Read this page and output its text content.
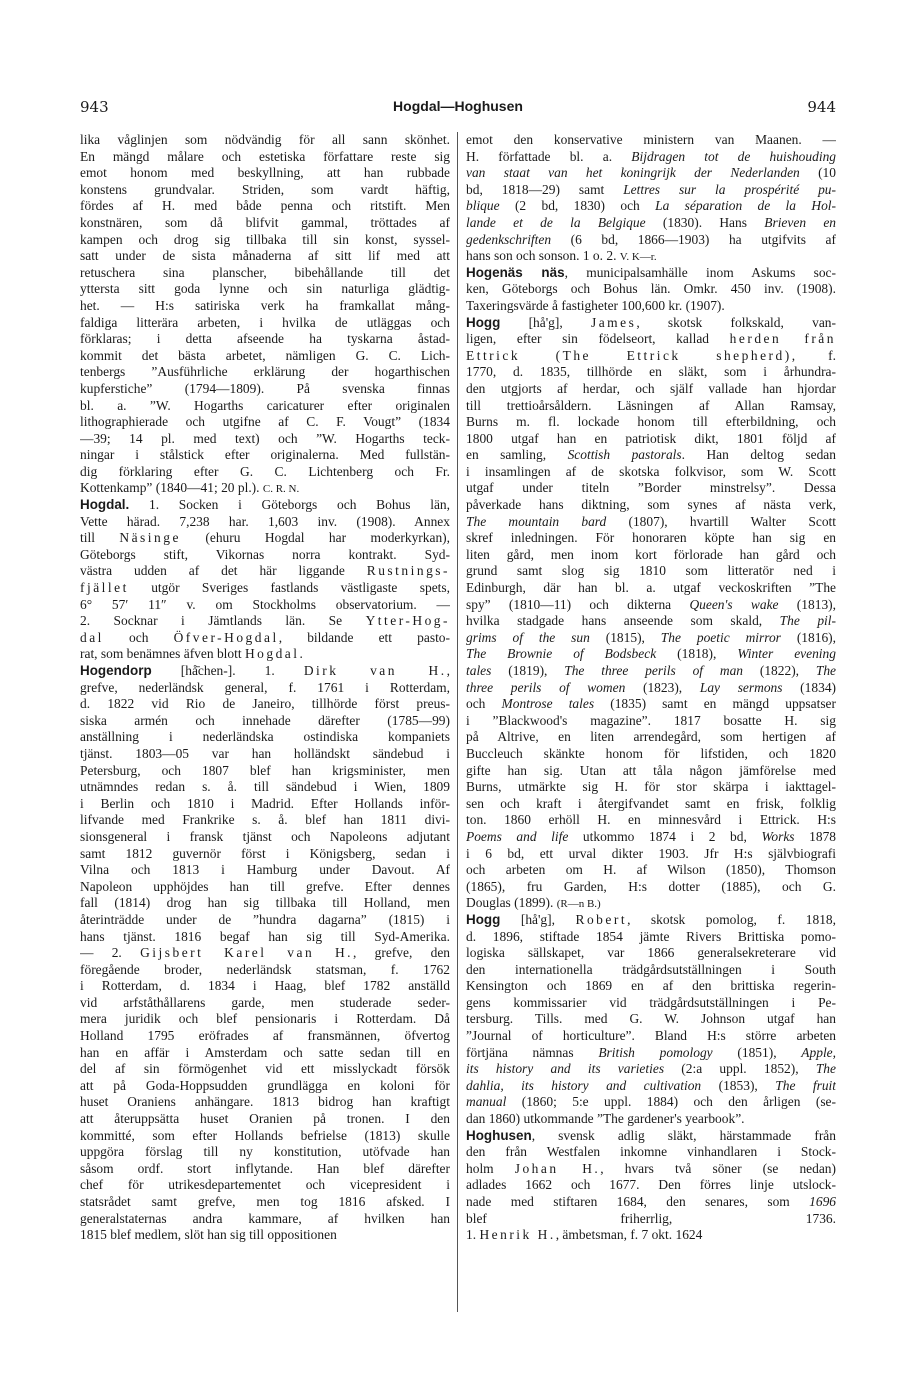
943	Hogdal—Hoghusen	944
lika våglinjen som nödvändig för all sann skönhet.
En mängd målare och estetiska författare reste sig
emot honom med beskyllning, att han rubbade
konstens grundvalar. Striden, som vardt häftig,
fördes af H. med både penna och ritstift. Men
konstnären, som då blifvit gammal, tröttades af
kampen och drog sig tillbaka till sin konst, syssel-
satt under de sista månaderna af sitt lif med att
retuschera sina planscher, bibehållande till det
yttersta sitt goda lynne och sin naturliga glädtig-
het. — H:s satiriska verk ha framkallat mång-
faldiga litterära arbeten, i hvilka de utläggas och
förklaras; i detta afseende ha tyskarna åstad-
kommit det bästa arbetet, nämligen G. C. Lich-
tenbergs ”Ausführliche erklärung der hogarthischen
kupferstiche” (1794—1809). På svenska finnas
bl. a. ”W. Hogarths caricaturer efter originalen
lithographierade och utgifne af C. F. Vougt” (1834
—39; 14 pl. med text) och ”W. Hogarths teck-
ningar i stålstick efter originalerna. Med fullstän-
dig förklaring efter G. C. Lichtenberg och Fr.
Kottenkamp” (1840—41; 20 pl.). C. R. N.
Hogdal. 1. Socken i Göteborgs och Bohus län,
Vette härad. 7,238 har. 1,603 inv. (1908). Annex
till Näsinge (ehuru Hogdal har moderkyrkan),
Göteborgs stift, Vikornas norra kontrakt. Syd-
västra udden af det här liggande Rustnings-
fjället utgör Sveriges fastlands västligaste spets,
6° 57′ 11″ v. om Stockholms observatorium. —
2. Socknar i Jämtlands län. Se Ytter-Hog-
dal och Öfver-Hogdal, bildande ett pasto-
rat, som benämnes äfven blott Hogdal.
Hogendorp [hå̄chen-]. 1. Dirk van H.,
grefve, nederländsk general, f. 1761 i Rotterdam,
d. 1822 vid Rio de Janeiro, tillhörde först preus-
siska armén och innehade därefter (1785—99)
anställning i nederländska ostindiska kompaniets
tjänst. 1803—05 var han holländskt sändebud i
Petersburg, och 1807 blef han krigsminister, men
utnämndes redan s. å. till sändebud i Wien, 1809
i Berlin och 1810 i Madrid. Efter Hollands inför-
lifvande med Frankrike s. å. blef han 1811 divi-
sionsgeneral i fransk tjänst och Napoleons adjutant
samt 1812 guvernör först i Königsberg, sedan i
Vilna och 1813 i Hamburg under Davout. Af
Napoleon upphöjdes han till grefve. Efter dennes
fall (1814) drog han sig tillbaka till Holland, men
återinträdde under de ”hundra dagarna” (1815) i
hans tjänst. 1816 begaf han sig till Syd-Amerika.
— 2. Gijsbert Karel van H., grefve, den
föregående broder, nederländsk statsman, f. 1762
i Rotterdam, d. 1834 i Haag, blef 1782 anställd
vid arfståthållarens garde, men studerade seder-
mera juridik och blef pensionaris i Rotterdam. Då
Holland 1795 eröfrades af fransmännen, öfvertog
han en affär i Amsterdam och satte sedan till en
del af sin förmögenhet vid ett misslyckadt försök
att på Goda-Hoppsudden grundlägga en koloni för
huset Oraniens anhängare. 1813 bidrog han kraftigt
att återuppsätta huset Oranien på tronen. I den
kommitté, som efter Hollands befrielse (1813) skulle
uppgöra förslag till ny konstitution, utöfvade han
såsom ordf. stort inflytande. Han blef därefter
chef för utrikesdepartementet och vicepresident i
statsrådet samt grefve, men tog 1816 afsked. I
generalstaternas andra kammare, af hvilken han
1815 blef medlem, slöt han sig till oppositionen
emot den konservative ministern van Maanen. —
H. författade bl. a. Bijdragen tot de huishouding
van staat van het koningrijk der Nederlanden (10
bd, 1818—29) samt Lettres sur la prospérité pu-
blique (2 bd, 1830) och La séparation de la Hol-
lande et de la Belgique (1830). Hans Brieven en
gedenkschriften (6 bd, 1866—1903) ha utgifvits af
hans son och sonson. 1 o. 2. V. K—r.
Hogenäs näs, municipalsamhälle inom Askums soc-
ken, Göteborgs och Bohus län. Omkr. 450 inv. (1908).
Taxeringsvärde å fastigheter 100,600 kr. (1907).
Hogg [hå'g], James, skotsk folkskald, van-
ligen, efter sin födelseort, kallad herden från
Ettrick (The Ettrick shepherd), f.
1770, d. 1835, tillhörde en släkt, som i århundra-
den utgjorts af herdar, och själf vallade han hjordar
till trettioårsåldern. Läsningen af Allan Ramsay,
Burns m. fl. lockade honom till efterbildning, och
1800 utgaf han en patriotisk dikt, 1801 följd af
en samling, Scottish pastorals. Han deltog sedan
i insamlingen af de skotska folkvisor, som W. Scott
utgaf under titeln ”Border minstrelsy”. Dessa
påverkade hans diktning, som synes af nästa verk,
The mountain bard (1807), hvartill Walter Scott
skref inledningen. För honoraren köpte han sig en
liten gård, men inom kort förlorade han gård och
grund samt slog sig 1810 som litteratör ned i
Edinburgh, där han bl. a. utgaf veckoskriften ”The
spy” (1810—11) och dikterna Queen's wake (1813),
hvilka stadgade hans anseende som skald, The pil-
grims of the sun (1815), The poetic mirror (1816),
The Brownie of Bodsbeck (1818), Winter evening
tales (1819), The three perils of man (1822), The
three perils of women (1823), Lay sermons (1834)
och Montrose tales (1835) samt en mängd uppsatser
i ”Blackwood's magazine”. 1817 bosatte H. sig
på Altrive, en liten arrendegård, som hertigen af
Buccleuch skänkte honom för lifstiden, och 1820
gifte han sig. Utan att tåla någon jämförelse med
Burns, utmärkte sig H. för stor skärpa i iakttagel-
sen och kraft i återgifvandet samt en frisk, folklig
ton. 1860 erhöll H. en minnesvård i Ettrick. H:s
Poems and life utkommo 1874 i 2 bd, Works 1878
i 6 bd, ett urval dikter 1903. Jfr H:s självbiografi
och arbeten om H. af Wilson (1850), Thomson
(1865), fru Garden, H:s dotter (1885), och G.
Douglas (1899). (R—n B.)
Hogg [hå'g], Robert, skotsk pomolog, f. 1818,
d. 1896, stiftade 1854 jämte Rivers Brittiska pomo-
logiska sällskapet, var 1866 generalsekreterare vid
den internationella trädgårdsutställningen i South
Kensington och 1869 en af den brittiska regerin-
gens kommissarier vid trädgårdsutställningen i Pe-
tersburg. Tills. med G. W. Johnson utgaf han
”Journal of horticulture”. Bland H:s större arbeten
förtjäna nämnas British pomology (1851), Apple,
its history and its varieties (2:a uppl. 1852), The
dahlia, its history and cultivation (1853), The fruit
manual (1860; 5:e uppl. 1884) och den årligen (se-
dan 1860) utkommande ”The gardener's yearbook”.
Hoghusen, svensk adlig släkt, härstammade från
den från Westfalen inkomne vinhandlaren i Stock-
holm Johan H., hvars två söner (se nedan)
adlades 1662 och 1677. Den förres linje utslock-
nade med stiftaren 1684, den senares, som 1696
blef friherrlig, 1736.
1. Henrik H., ämbetsman, f. 7 okt. 1624
